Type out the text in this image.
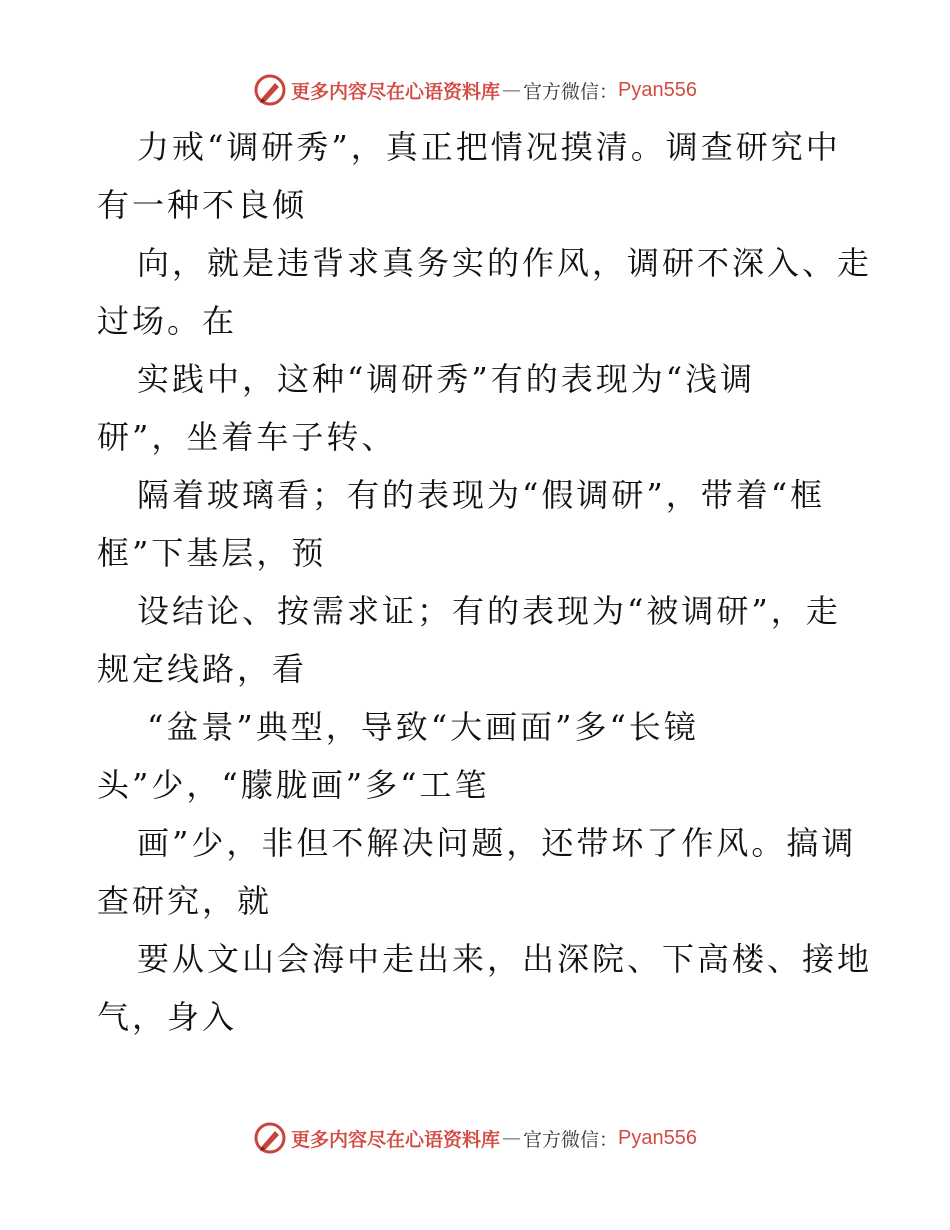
更多内容尽在心语资料库 — 官方微信： Pyan556
力戒“调研秀”，真正把情况摸清。调查研究中
有一种不良倾
向，就是违背求真务实的作风，调研不深入、走
过场。在
实践中，这种“调研秀”有的表现为“浅调
研”，坐着车子转、
隔着玻璃看；有的表现为“假调研”，带着“框
框”下基层，预
设结论、按需求证；有的表现为“被调研”，走
规定线路，看
“盆景”典型，导致“大画面”多“长镜
头”少，“朦胧画”多“工笔
画”少，非但不解决问题，还带坏了作风。搞调
查研究，就
要从文山会海中走出来，出深院、下高楼、接地
气，身入
更多内容尽在心语资料库 — 官方微信： Pyan556
